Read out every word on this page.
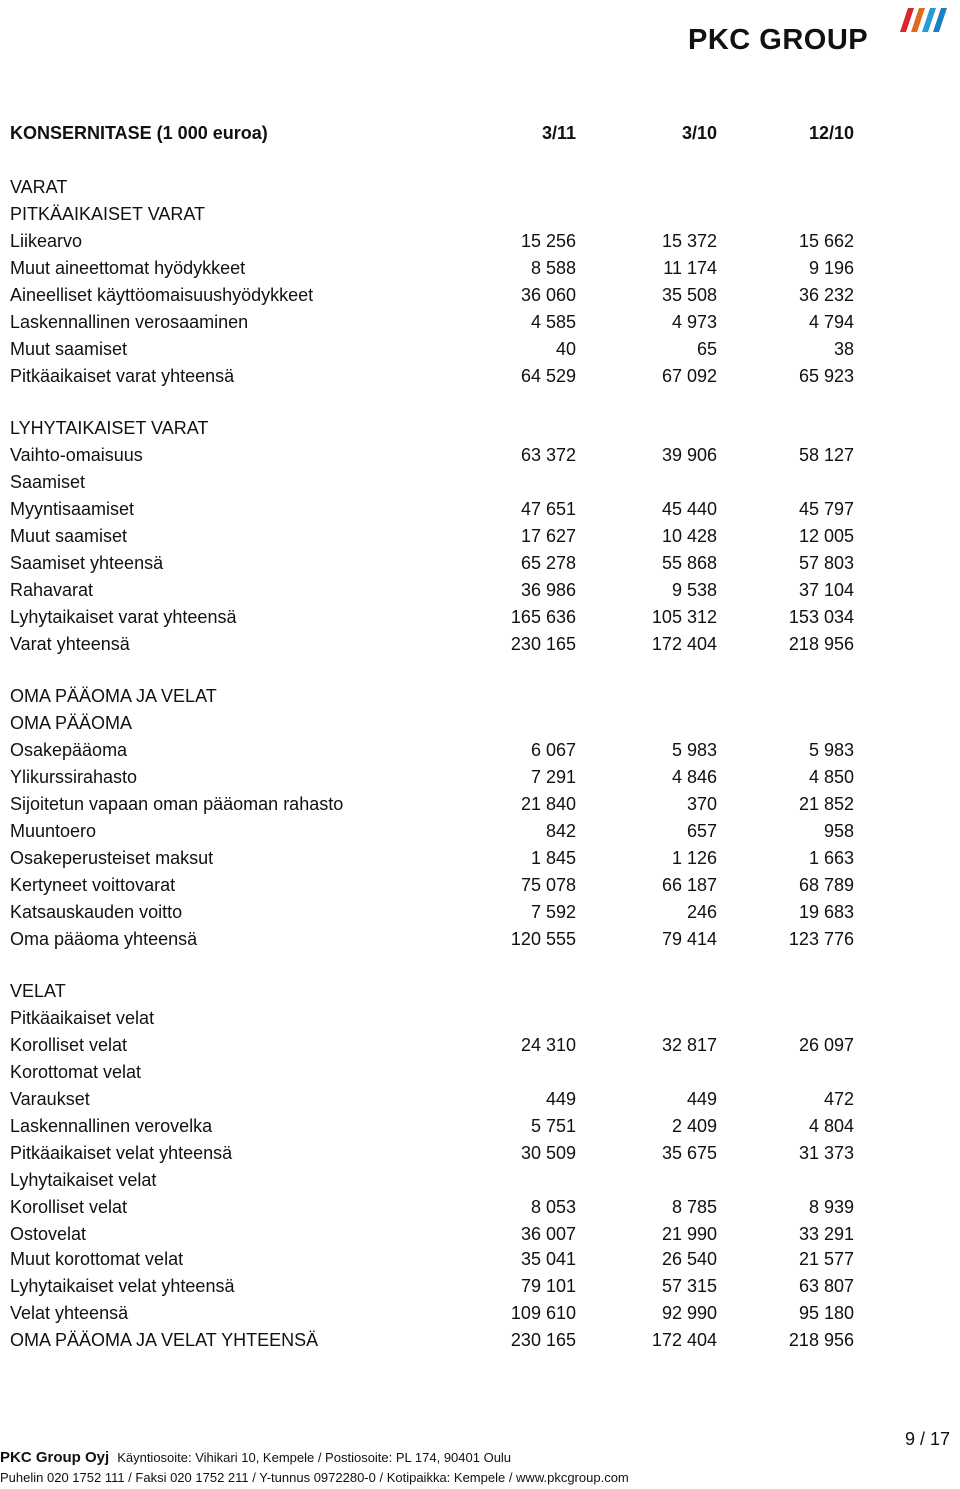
PKC GROUP
KONSERNITASE (1 000 euroa)	3/11	3/10	12/10
VARAT
PITKÄAIKAISET VARAT
Liikearvo	15 256	15 372	15 662
Muut aineettomat hyödykkeet	8 588	11 174	9 196
Aineelliset käyttöomaisuushyödykkeet	36 060	35 508	36 232
Laskennallinen verosaaminen	4 585	4 973	4 794
Muut saamiset	40	65	38
Pitkäaikaiset varat yhteensä	64 529	67 092	65 923
LYHYTAIKAISET VARAT
Vaihto-omaisuus	63 372	39 906	58 127
Saamiset
Myyntisaamiset	47 651	45 440	45 797
Muut saamiset	17 627	10 428	12 005
Saamiset yhteensä	65 278	55 868	57 803
Rahavarat	36 986	9 538	37 104
Lyhytaikaiset varat yhteensä	165 636	105 312	153 034
Varat yhteensä	230 165	172 404	218 956
OMA PÄÄOMA JA VELAT
OMA PÄÄOMA
Osakepääoma	6 067	5 983	5 983
Ylikurssirahasto	7 291	4 846	4 850
Sijoitetun vapaan oman pääoman rahasto	21 840	370	21 852
Muuntoero	842	657	958
Osakeperusteiset maksut	1 845	1 126	1 663
Kertyneet voittovarat	75 078	66 187	68 789
Katsauskauden voitto	7 592	246	19 683
Oma pääoma yhteensä	120 555	79 414	123 776
VELAT
Pitkäaikaiset velat
Korolliset velat	24 310	32 817	26 097
Korottomat velat
Varaukset	449	449	472
Laskennallinen verovelka	5 751	2 409	4 804
Pitkäaikaiset velat yhteensä	30 509	35 675	31 373
Lyhytaikaiset velat
Korolliset velat	8 053	8 785	8 939
Ostovelat	36 007	21 990	33 291
Muut korottomat velat	35 041	26 540	21 577
Lyhytaikaiset velat yhteensä	79 101	57 315	63 807
Velat yhteensä	109 610	92 990	95 180
OMA PÄÄOMA JA VELAT YHTEENSÄ	230 165	172 404	218 956
9 / 17
PKC Group Oyj Käyntiosoite: Vihikari 10, Kempele / Postiosoite: PL 174, 90401 Oulu
Puhelin 020 1752 111 / Faksi 020 1752 211 / Y-tunnus 0972280-0 / Kotipaikka: Kempele / www.pkcgroup.com
